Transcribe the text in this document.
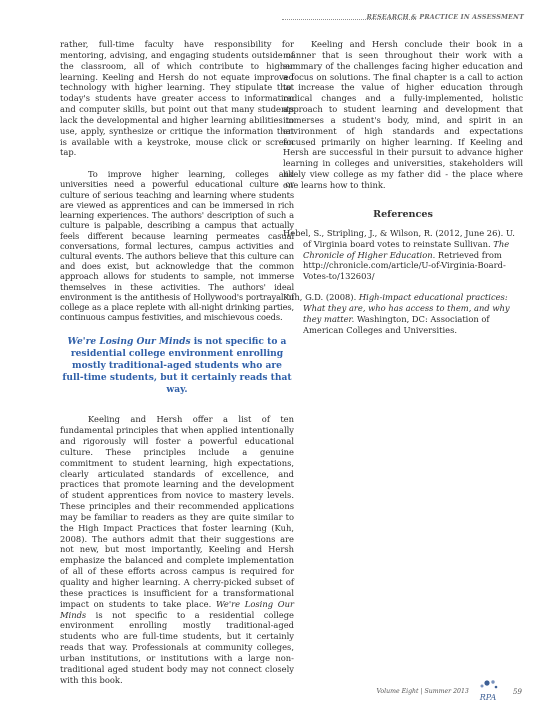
RESEARCH & PRACTICE IN ASSESSMENT

rather, full-time faculty have responsibility for mentoring, advising, and engaging students outside of the classroom, all of which contribute to higher learning. Keeling and Hersh do not equate improved technology with higher learning. They stipulate that today's students have greater access to information and computer skills, but point out that many students lack the developmental and higher learning abilities to use, apply, synthesize or critique the information that is available with a keystroke, mouse click or screen tap.

To improve higher learning, colleges and universities need a powerful educational culture or culture of serious teaching and learning where students are viewed as apprentices and can be immersed in rich learning experiences. The authors' description of such a culture is palpable, describing a campus that actually feels different because learning permeates casual conversations, formal lectures, campus activities and cultural events. The authors believe that this culture can and does exist, but acknowledge that the common approach allows for students to sample, not immerse themselves in these activities. The authors' ideal environment is the antithesis of Hollywood's portrayal of college as a place replete with all-night drinking parties, continuous campus festivities, and mischievous coeds.

We're Losing Our Minds is not specific to a residential college environment enrolling mostly traditional-aged students who are full-time students, but it certainly reads that way.

Keeling and Hersh offer a list of ten fundamental principles that when applied intentionally and rigorously will foster a powerful educational culture. These principles include a genuine commitment to student learning, high expectations, clearly articulated standards of excellence, and practices that promote learning and the development of student apprentices from novice to mastery levels. These principles and their recommended applications may be familiar to readers as they are quite similar to the High Impact Practices that foster learning (Kuh, 2008). The authors admit that their suggestions are not new, but most importantly, Keeling and Hersh emphasize the balanced and complete implementation of all of these efforts across campus is required for quality and higher learning. A cherry-picked subset of these practices is insufficient for a transformational impact on students to take place. We're Losing Our Minds is not specific to a residential college environment enrolling mostly traditional-aged students who are full-time students, but it certainly reads that way. Professionals at community colleges, urban institutions, or institutions with a large non-traditional aged student body may not connect closely with this book.

Keeling and Hersh conclude their book in a manner that is seen throughout their work with a summary of the challenges facing higher education and a focus on solutions. The final chapter is a call to action to increase the value of higher education through radical changes and a fully-implemented, holistic approach to student learning and development that immerses a student's body, mind, and spirit in an environment of high standards and expectations focused primarily on higher learning. If Keeling and Hersh are successful in their pursuit to advance higher learning in colleges and universities, stakeholders will likely view college as my father did - the place where one learns how to think.

References

Hebel, S., Stripling, J., & Wilson, R. (2012, June 26). U. of Virginia board votes to reinstate Sullivan. The Chronicle of Higher Education. Retrieved from http://chronicle.com/article/U-of-Virginia-Board-Votes-to/132603/

Kuh, G.D. (2008). High-impact educational practices: What they are, who has access to them, and why they matter. Washington, DC: Association of American Colleges and Universities.

Volume Eight | Summer 2013
RPA
59
